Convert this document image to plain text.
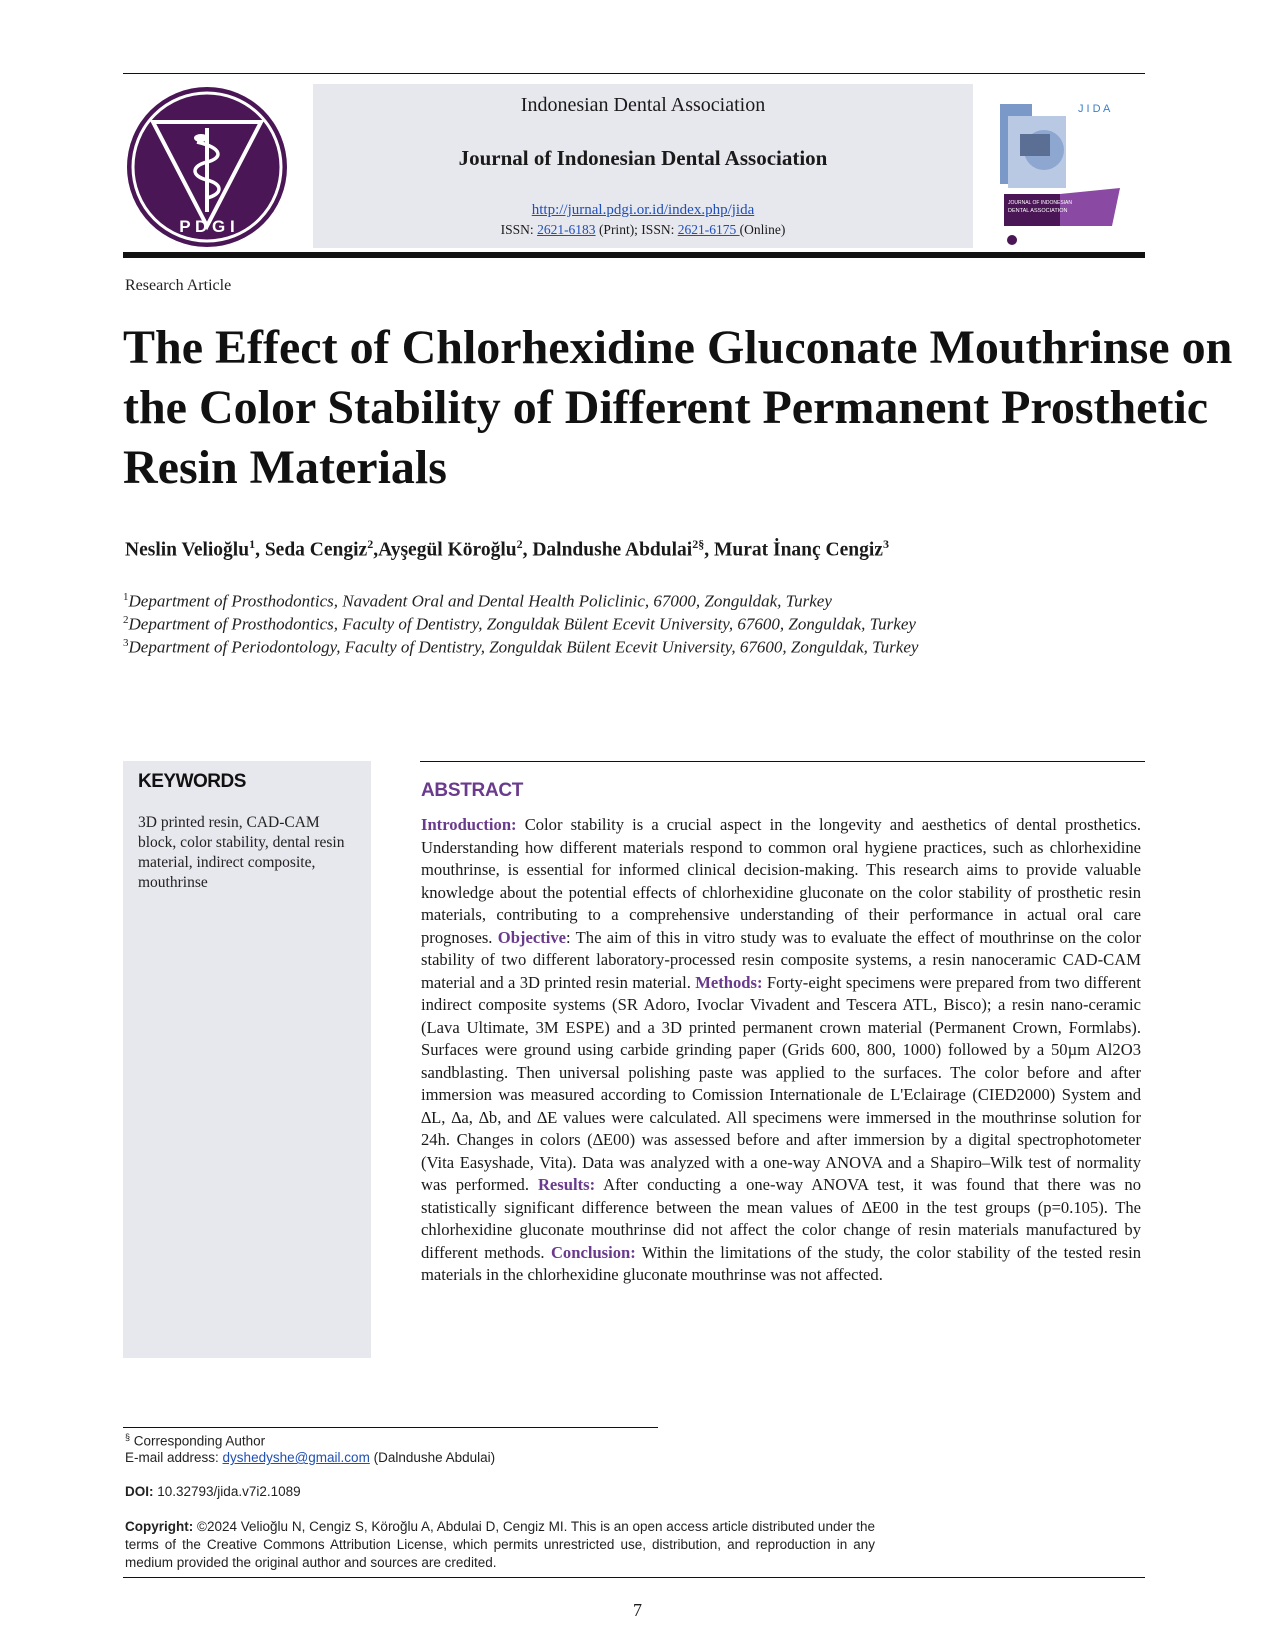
P D G I
Indonesian Dental Association
Journal of Indonesian Dental Association
http://jurnal.pdgi.or.id/index.php/jida
ISSN: 2621-6183 (Print); ISSN: 2621-6175 (Online)
J I D A
JOURNAL OF INDONESIAN
DENTAL ASSOCIATION
Research Article
The Effect of Chlorhexidine Gluconate Mouthrinse on the Color Stability of Different Permanent Prosthetic Resin Materials
Neslin Velioğlu$^1$, Seda Cengiz$^2$,Ayşegül Köroğlu$^2$, Dalndushe Abdulai$^{2\S}$, Murat İnanç Cengiz$^3$
$^1$Department of Prosthodontics, Navadent Oral and Dental Health Policlinic, 67000, Zonguldak, Turkey
$^2$Department of Prosthodontics, Faculty of Dentistry, Zonguldak Bülent Ecevit University, 67600, Zonguldak, Turkey
$^3$Department of Periodontology, Faculty of Dentistry, Zonguldak Bülent Ecevit University, 67600, Zonguldak, Turkey
KEYWORDS
3D printed resin, CAD-CAM block, color stability, dental resin material, indirect composite, mouthrinse
ABSTRACT

Introduction: Color stability is a crucial aspect in the longevity and aesthetics of dental prosthetics. Understanding how different materials respond to common oral hygiene practices, such as chlorhexidine mouthrinse, is essential for informed clinical decision-making. This research aims to provide valuable knowledge about the potential effects of chlorhexidine gluconate on the color stability of prosthetic resin materials, contributing to a comprehensive understanding of their performance in actual oral care prognoses. Objective: The aim of this in vitro study was to evaluate the effect of mouthrinse on the color stability of two different laboratory-processed resin composite systems, a resin nanoceramic CAD-CAM material and a 3D printed resin material. Methods: Forty-eight specimens were prepared from two different indirect composite systems (SR Adoro, Ivoclar Vivadent and Tescera ATL, Bisco); a resin nano-ceramic (Lava Ultimate, 3M ESPE) and a 3D printed permanent crown material (Permanent Crown, Formlabs). Surfaces were ground using carbide grinding paper (Grids 600, 800, 1000) followed by a 50µm Al2O3 sandblasting. Then universal polishing paste was applied to the surfaces. The color before and after immersion was measured according to Comission Internationale de L'Eclairage (CIED2000) System and ∆L, ∆a, ∆b, and ∆E values were calculated. All specimens were immersed in the mouthrinse solution for 24h. Changes in colors (∆E00) was assessed before and after immersion by a digital spectrophotometer (Vita Easyshade, Vita). Data was analyzed with a one-way ANOVA and a Shapiro–Wilk test of normality was performed. Results: After conducting a one-way ANOVA test, it was found that there was no statistically significant difference between the mean values of ∆E00 in the test groups (p=0.105). The chlorhexidine gluconate mouthrinse did not affect the color change of resin materials manufactured by different methods. Conclusion: Within the limitations of the study, the color stability of the tested resin materials in the chlorhexidine gluconate mouthrinse was not affected.

§ Corresponding Author
E-mail address: dyshedyshe@gmail.com (Dalndushe Abdulai)
DOI: 10.32793/jida.v7i2.1089
Copyright: ©2024 Velioğlu N, Cengiz S, Köroğlu A, Abdulai D, Cengiz MI. This is an open access article distributed under the terms of the Creative Commons Attribution License, which permits unrestricted use, distribution, and reproduction in any medium provided the original author and sources are credited.
7
